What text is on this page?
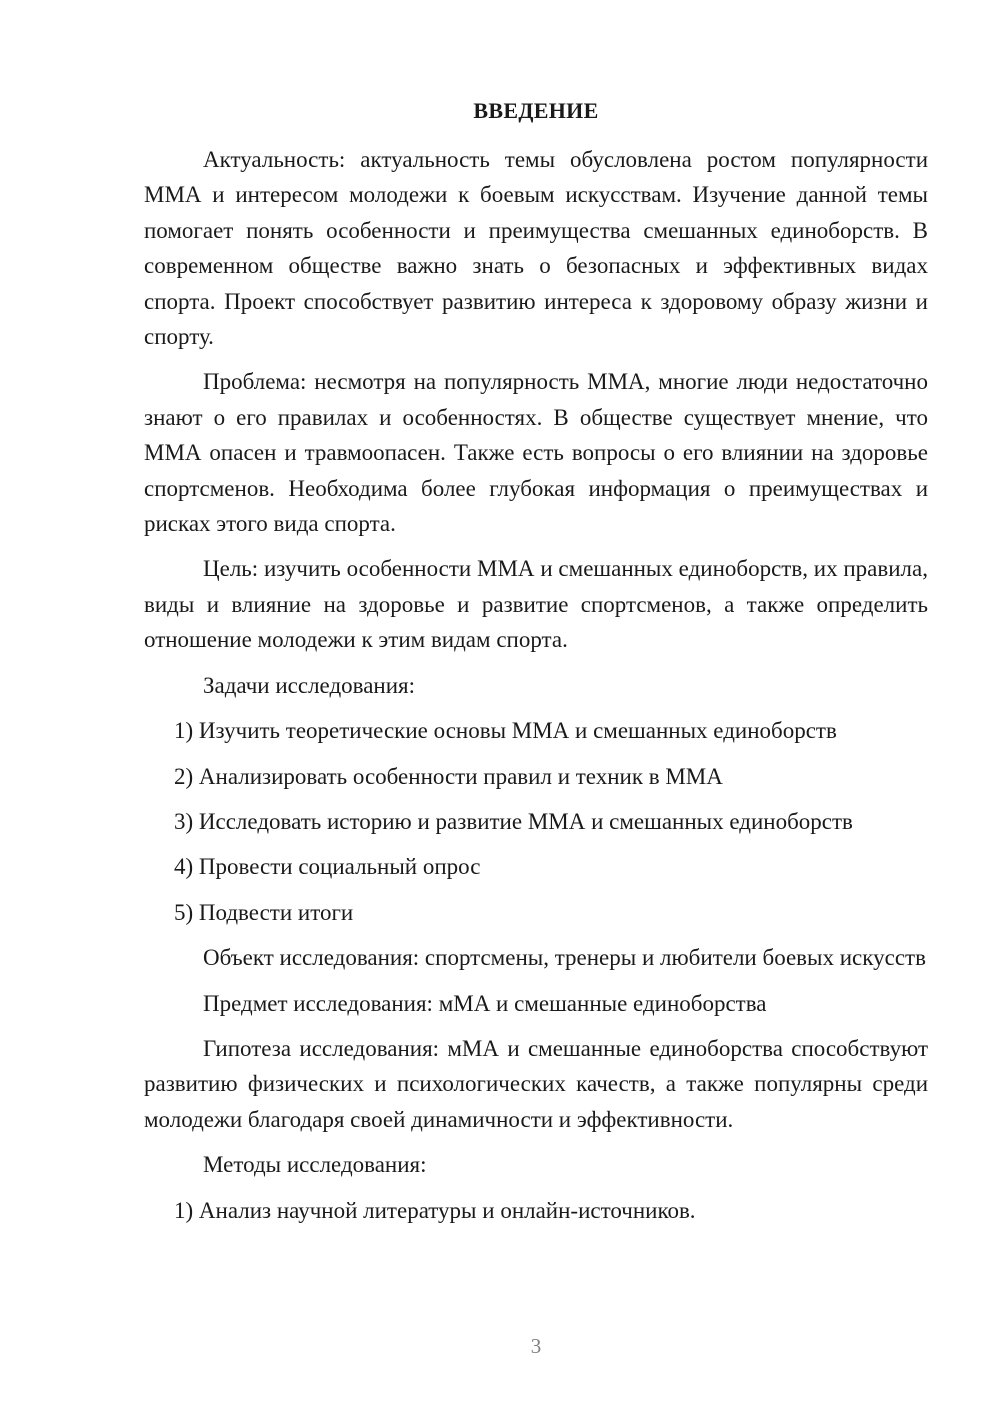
ВВЕДЕНИЕ

Актуальность: актуальность темы обусловлена ростом популярности ММА и интересом молодежи к боевым искусствам. Изучение данной темы помогает понять особенности и преимущества смешанных единоборств. В современном обществе важно знать о безопасных и эффективных видах спорта. Проект способствует развитию интереса к здоровому образу жизни и спорту.

Проблема: несмотря на популярность ММА, многие люди недостаточно знают о его правилах и особенностях. В обществе существует мнение, что ММА опасен и травмоопасен. Также есть вопросы о его влиянии на здоровье спортсменов. Необходима более глубокая информация о преимуществах и рисках этого вида спорта.

Цель: изучить особенности ММА и смешанных единоборств, их правила, виды и влияние на здоровье и развитие спортсменов, а также определить отношение молодежи к этим видам спорта.

Задачи исследования:

1) Изучить теоретические основы ММА и смешанных единоборств

2) Анализировать особенности правил и техник в ММА

3) Исследовать историю и развитие ММА и смешанных единоборств

4) Провести социальный опрос

5) Подвести итоги

Объект исследования: спортсмены, тренеры и любители боевых искусств

Предмет исследования: мМА и смешанные единоборства

Гипотеза исследования: мМА и смешанные единоборства способствуют развитию физических и психологических качеств, а также популярны среди молодежи благодаря своей динамичности и эффективности.

Методы исследования:

1) Анализ научной литературы и онлайн-источников.

3
